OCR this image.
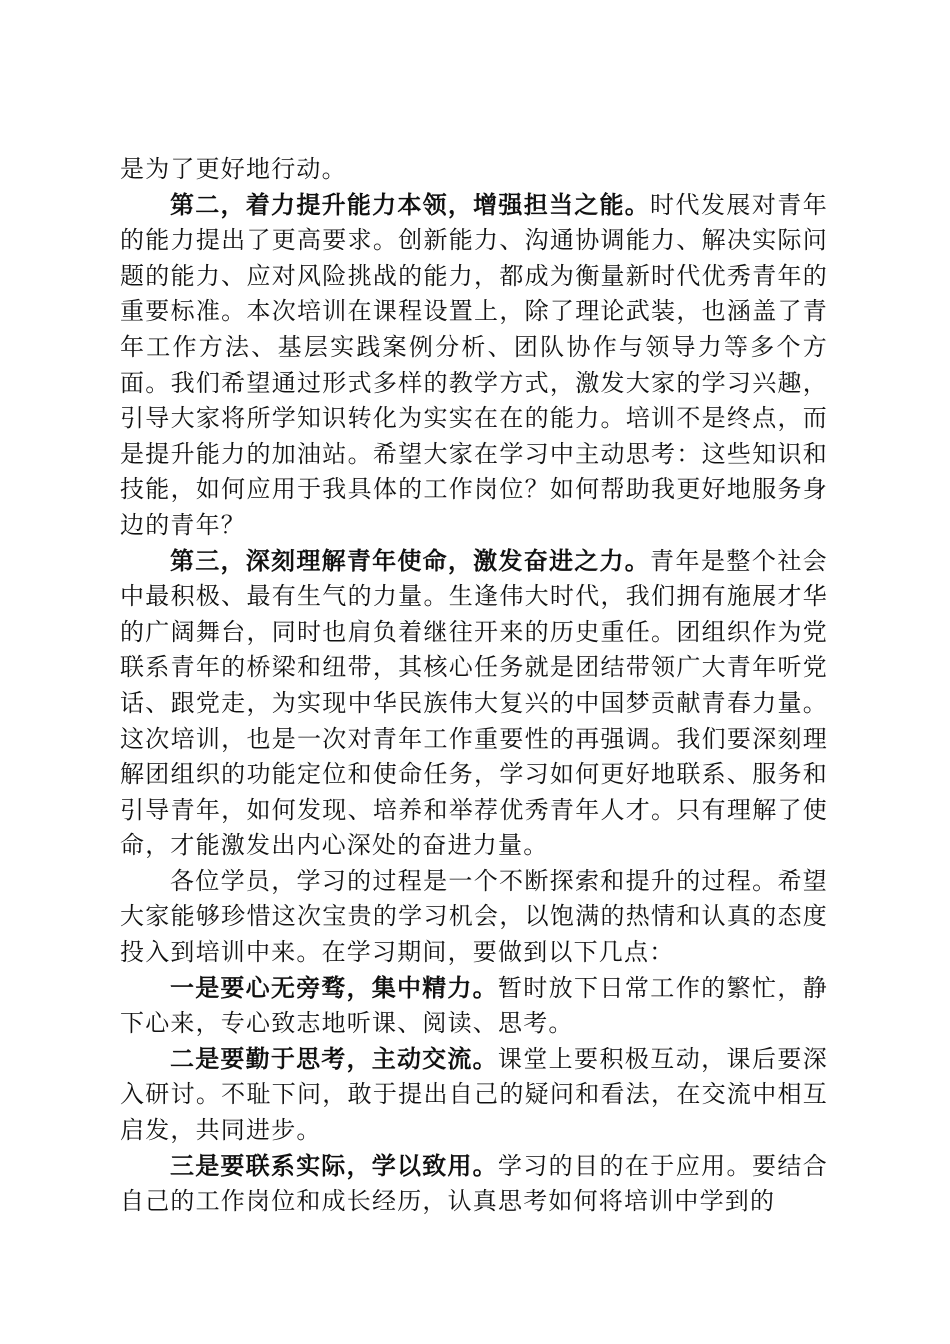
是为了更好地行动。

第二，着力提升能力本领，增强担当之能。时代发展对青年的能力提出了更高要求。创新能力、沟通协调能力、解决实际问题的能力、应对风险挑战的能力，都成为衡量新时代优秀青年的重要标准。本次培训在课程设置上，除了理论武装，也涵盖了青年工作方法、基层实践案例分析、团队协作与领导力等多个方面。我们希望通过形式多样的教学方式，激发大家的学习兴趣，引导大家将所学知识转化为实实在在的能力。培训不是终点，而是提升能力的加油站。希望大家在学习中主动思考：这些知识和技能，如何应用于我具体的工作岗位？如何帮助我更好地服务身边的青年？

第三，深刻理解青年使命，激发奋进之力。青年是整个社会中最积极、最有生气的力量。生逢伟大时代，我们拥有施展才华的广阔舞台，同时也肩负着继往开来的历史重任。团组织作为党联系青年的桥梁和纽带，其核心任务就是团结带领广大青年听党话、跟党走，为实现中华民族伟大复兴的中国梦贡献青春力量。这次培训，也是一次对青年工作重要性的再强调。我们要深刻理解团组织的功能定位和使命任务，学习如何更好地联系、服务和引导青年，如何发现、培养和举荐优秀青年人才。只有理解了使命，才能激发出内心深处的奋进力量。

各位学员，学习的过程是一个不断探索和提升的过程。希望大家能够珍惜这次宝贵的学习机会，以饱满的热情和认真的态度投入到培训中来。在学习期间，要做到以下几点：

一是要心无旁骛，集中精力。暂时放下日常工作的繁忙，静下心来，专心致志地听课、阅读、思考。

二是要勤于思考，主动交流。课堂上要积极互动，课后要深入研讨。不耻下问，敢于提出自己的疑问和看法，在交流中相互启发，共同进步。

三是要联系实际，学以致用。学习的目的在于应用。要结合自己的工作岗位和成长经历，认真思考如何将培训中学到的
